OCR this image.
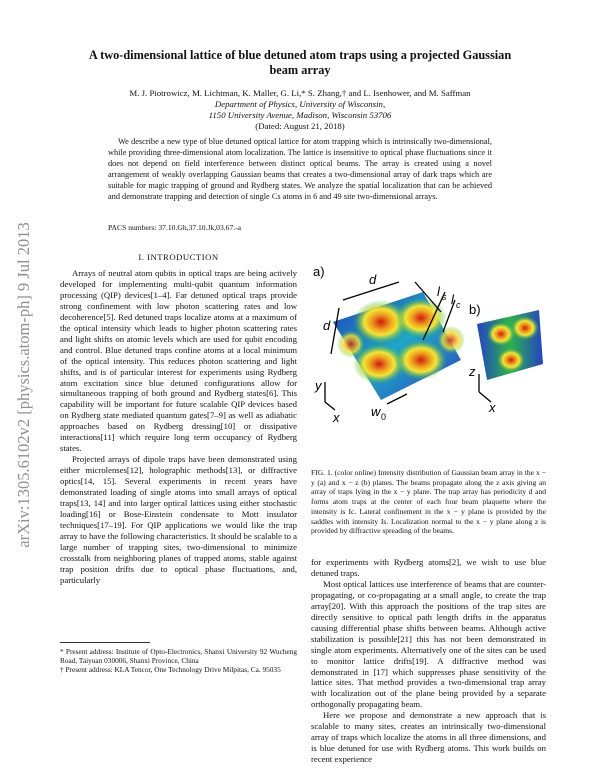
arXiv:1305.6102v2 [physics.atom-ph] 9 Jul 2013
A two-dimensional lattice of blue detuned atom traps using a projected Gaussian
beam array
M. J. Piotrowicz, M. Lichtman, K. Maller, G. Li,* S. Zhang,† and L. Isenhower, and M. Saffman
Department of Physics, University of Wisconsin,
1150 University Avenue, Madison, Wisconsin 53706
(Dated: August 21, 2018)
We describe a new type of blue detuned optical lattice for atom trapping which is intrinsically two-dimensional, while providing three-dimensional atom localization. The lattice is insensitive to optical phase fluctuations since it does not depend on field interference between distinct optical beams. The array is created using a novel arrangement of weakly overlapping Gaussian beams that creates a two-dimensional array of dark traps which are suitable for magic trapping of ground and Rydberg states. We analyze the spatial localization that can be achieved and demonstrate trapping and detection of single Cs atoms in 6 and 49 site two-dimensional arrays.
PACS numbers: 37.10.Gh,37.10.Jk,03.67.-a
I. INTRODUCTION

Arrays of neutral atom qubits in optical traps are being actively developed for implementing multi-qubit quantum information processing (QIP) devices[1–4]. Far detuned optical traps provide strong confinement with low photon scattering rates and low decoherence[5]. Red detuned traps localize atoms at a maximum of the optical intensity which leads to higher photon scattering rates and light shifts on atomic levels which are used for qubit encoding and control. Blue detuned traps confine atoms at a local minimum of the optical intensity. This reduces photon scattering and light shifts, and is of particular interest for experiments using Rydberg atom excitation since blue detuned configurations allow for simultaneous trapping of both ground and Rydberg states[6]. This capability will be important for future scalable QIP devices based on Rydberg state mediated quantum gates[7–9] as well as adiabatic approaches based on Rydberg dressing[10] or dissipative interactions[11] which require long term occupancy of Rydberg states.

Projected arrays of dipole traps have been demonstrated using either microlenses[12], holographic methods[13], or diffractive optics[14, 15]. Several experiments in recent years have demonstrated loading of single atoms into small arrays of optical traps[13, 14] and into larger optical lattices using either stochastic loading[16] or Bose-Einstein condensate to Mott insulator techniques[17–19]. For QIP applications we would like the trap array to have the following characteristics. It should be scalable to a large number of trapping sites, two-dimensional to minimize crosstalk from neighboring planes of trapped atoms, stable against trap position drifts due to optical phase fluctuations, and, particularly

a)
b)
d
d
y
x
l s l c
w 0
z
x
FIG. 1. (color online) Intensity distribution of Gaussian beam array in the x − y (a) and x − z (b) planes. The beams propagate along the z axis giving an array of traps lying in the x − y plane. The trap array has periodicity d and forms atom traps at the center of each four beam plaquette where the intensity is Ic. Lateral confinement in the x − y plane is provided by the saddles with intensity Is. Localization normal to the x − y plane along z is provided by diffractive spreading of the beams.

for experiments with Rydberg atoms[2], we wish to use blue detuned traps.

Most optical lattices use interference of beams that are counter-propagating, or co-propagating at a small angle, to create the trap array[20]. With this approach the positions of the trap sites are directly sensitive to optical path length drifts in the apparatus causing differential phase shifts between beams. Although active stabilization is possible[21] this has not been demonstrated in single atom experiments. Alternatively one of the sites can be used to monitor lattice drifts[19]. A diffractive method was demonstrated in [17] which suppresses phase sensitivity of the lattice sites. That method provides a two-dimensional trap array with localization out of the plane being provided by a separate orthogonally propagating beam.

Here we propose and demonstrate a new approach that is scalable to many sites, creates an intrinsically two-dimensional array of traps which localize the atoms in all three dimensions, and is blue detuned for use with Rydberg atoms. This work builds on recent experience

* Present address: Institute of Opto-Electronics, Shanxi University 92 Wucheng Road, Taiyuan 030006, Shanxi Province, China
† Present address: KLA Tencor, One Technology Drive Milpitas, Ca. 95035
